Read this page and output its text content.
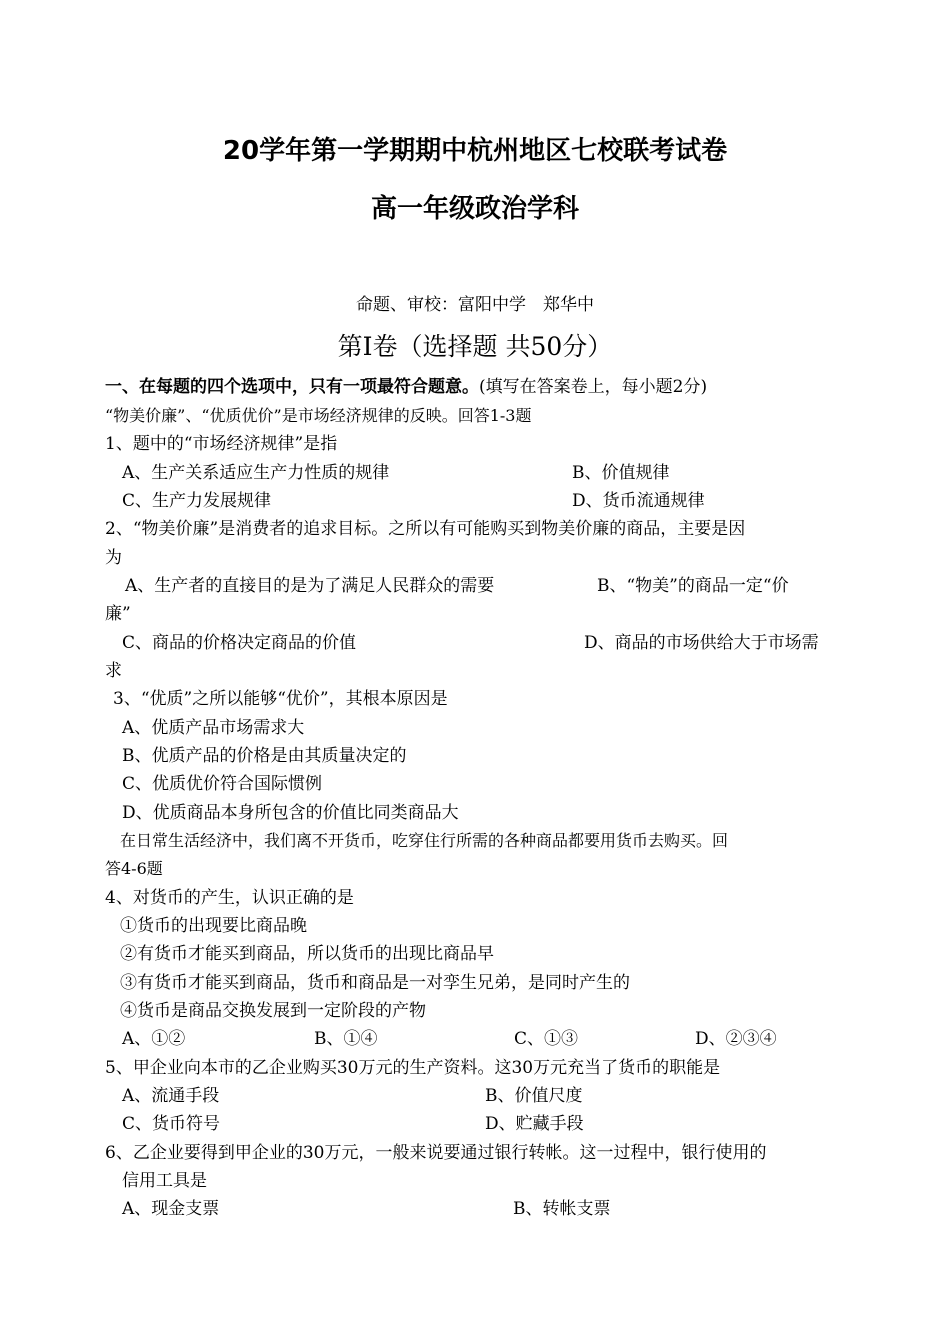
20学年第一学期期中杭州地区七校联考试卷
高一年级政治学科
命题、审校：富阳中学　郑华中
第Ⅰ卷（选择题 共50分）
一、在每题的四个选项中，只有一项最符合题意。(填写在答案卷上，每小题2分)
“物美价廉”、“优质优价”是市场经济规律的反映。回答1-3题
1、题中的“市场经济规律”是指
A、生产关系适应生产力性质的规律	B、价值规律
C、生产力发展规律	D、货币流通规律
2、“物美价廉”是消费者的追求目标。之所以有可能购买到物美价廉的商品，主要是因
为
A、生产者的直接目的是为了满足人民群众的需要	B、“物美”的商品一定“价
廉”
C、商品的价格决定商品的价值	D、商品的市场供给大于市场需
求
3、“优质”之所以能够“优价”，其根本原因是
A、优质产品市场需求大
B、优质产品的价格是由其质量决定的
C、优质优价符合国际惯例
D、优质商品本身所包含的价值比同类商品大
在日常生活经济中，我们离不开货币，吃穿住行所需的各种商品都要用货币去购买。回
答4-6题
4、对货币的产生，认识正确的是
①货币的出现要比商品晚
②有货币才能买到商品，所以货币的出现比商品早
③有货币才能买到商品，货币和商品是一对孪生兄弟，是同时产生的
④货币是商品交换发展到一定阶段的产物
A、①②	B、①④	C、①③	D、②③④
5、甲企业向本市的乙企业购买30万元的生产资料。这30万元充当了货币的职能是
A、流通手段	B、价值尺度
C、货币符号	D、贮藏手段
6、乙企业要得到甲企业的30万元，一般来说要通过银行转帐。这一过程中，银行使用的
信用工具是
A、现金支票	B、转帐支票
